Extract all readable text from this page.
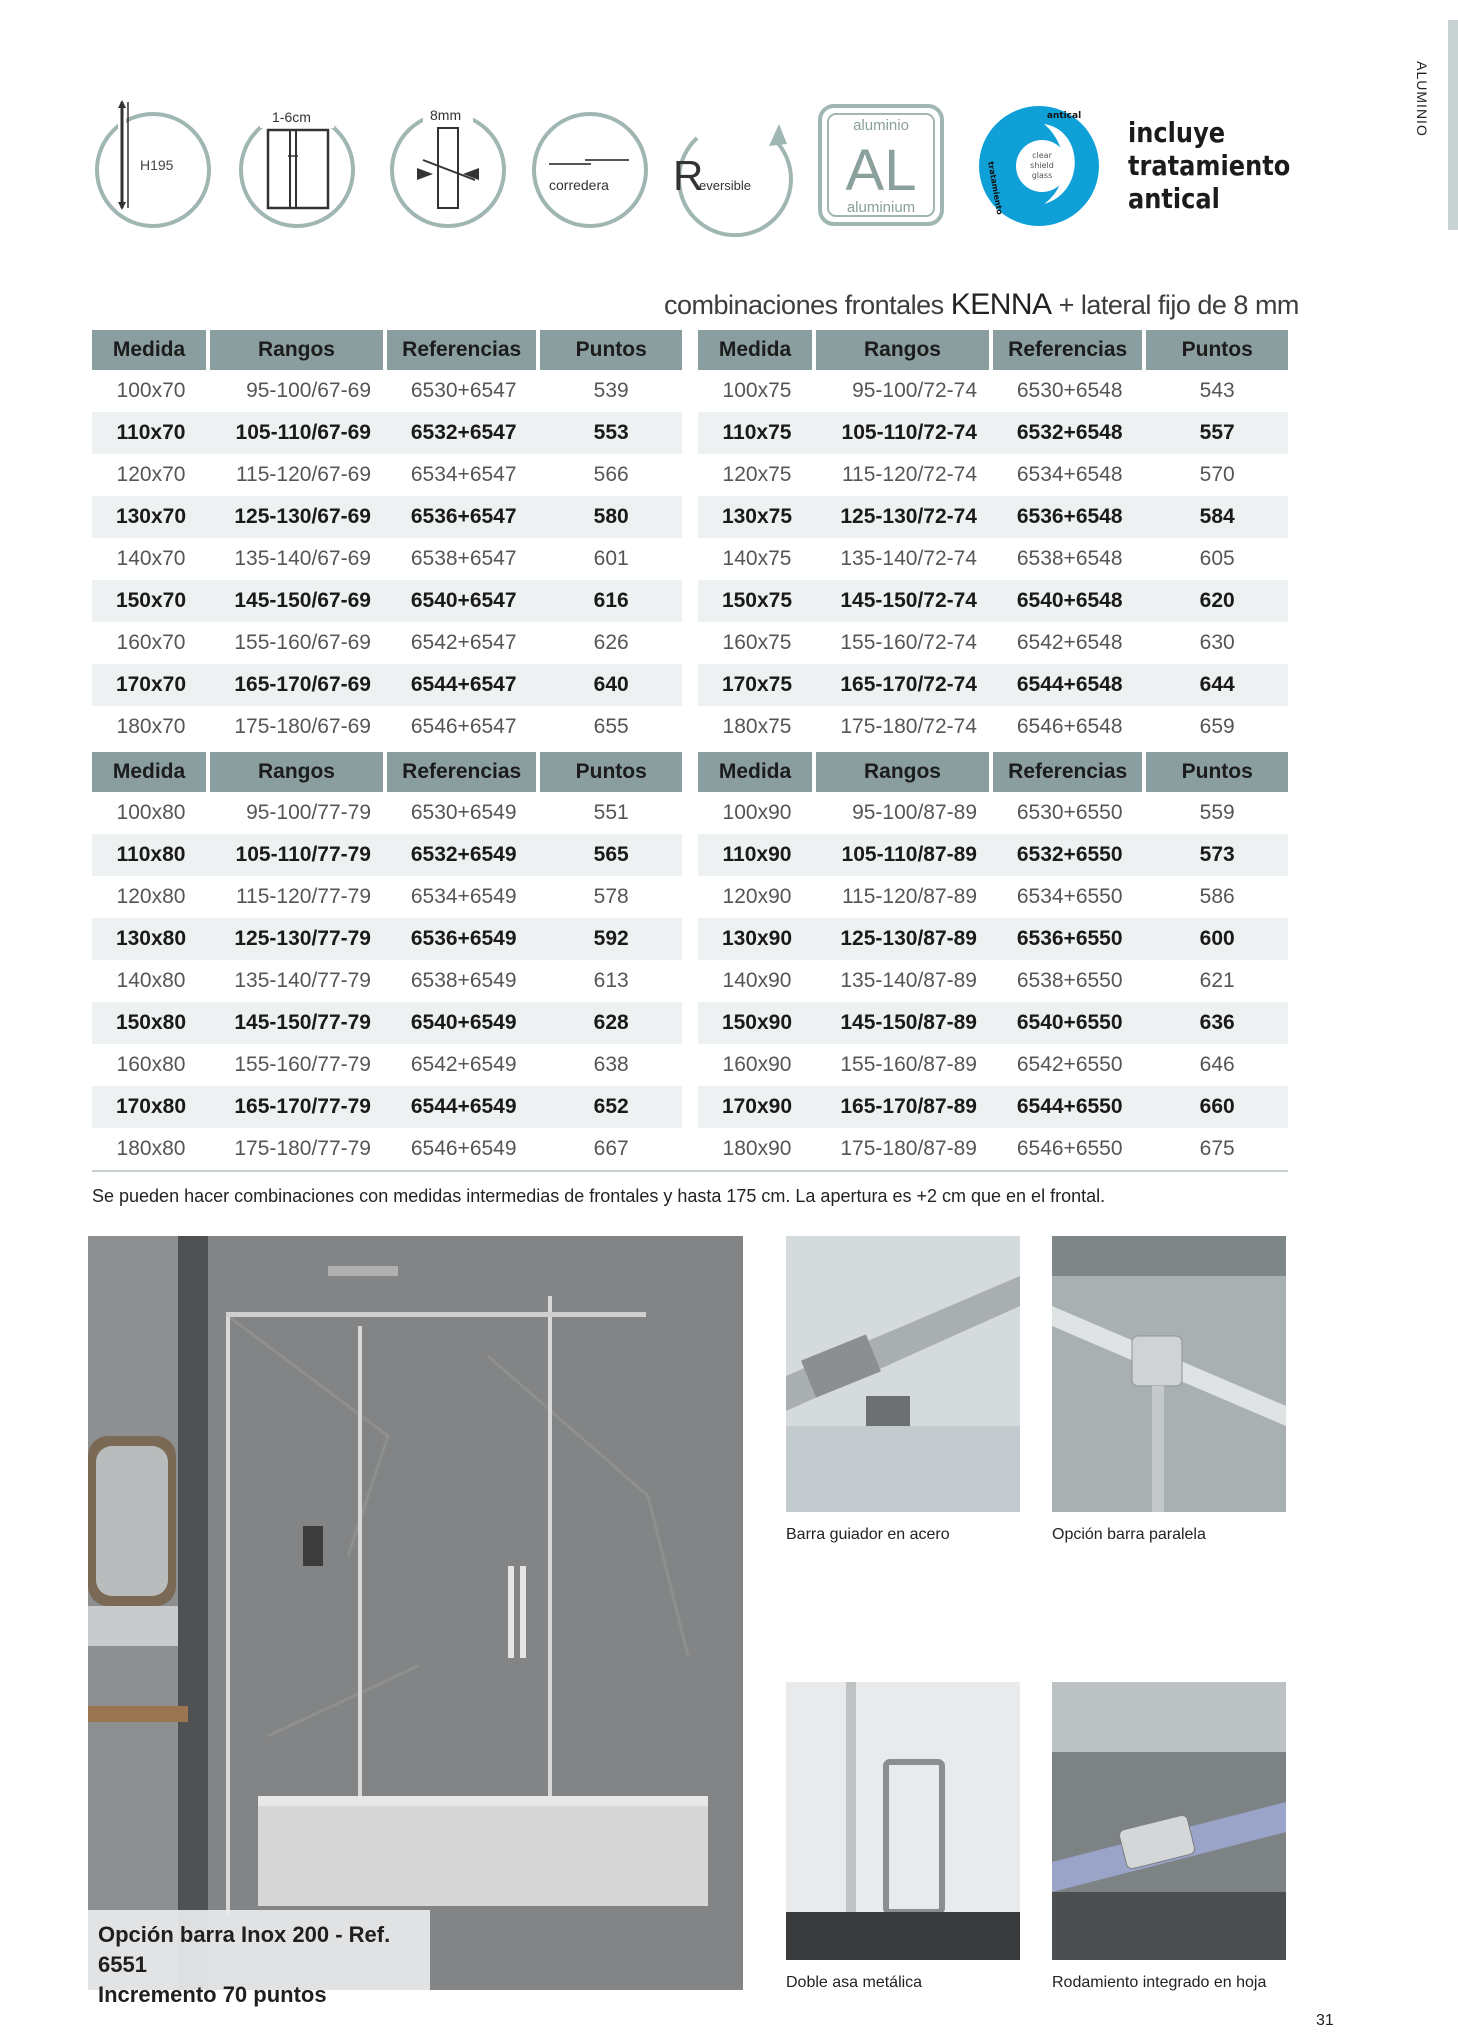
ALUMINIO
H195
1-6cm	8mm
corredera R
eversible
aluminio
AL
aluminium
antical
tratamiento
clear
shield
glass
incluye
tratamiento
antical
combinaciones frontales KENNA + lateral fijo de 8 mm
Medida	Rangos	Referencias	Puntos
100x70	95-100/67-69	6530+6547	539
110x70	105-110/67-69	6532+6547	553
120x70	115-120/67-69	6534+6547	566
130x70	125-130/67-69	6536+6547	580
140x70	135-140/67-69	6538+6547	601
150x70	145-150/67-69	6540+6547	616
160x70	155-160/67-69	6542+6547	626
170x70	165-170/67-69	6544+6547	640
180x70	175-180/67-69	6546+6547	655
Medida	Rangos	Referencias	Puntos
100x75	95-100/72-74	6530+6548	543
110x75	105-110/72-74	6532+6548	557
120x75	115-120/72-74	6534+6548	570
130x75	125-130/72-74	6536+6548	584
140x75	135-140/72-74	6538+6548	605
150x75	145-150/72-74	6540+6548	620
160x75	155-160/72-74	6542+6548	630
170x75	165-170/72-74	6544+6548	644
180x75	175-180/72-74	6546+6548	659
Medida	Rangos	Referencias	Puntos
100x80	95-100/77-79	6530+6549	551
110x80	105-110/77-79	6532+6549	565
120x80	115-120/77-79	6534+6549	578
130x80	125-130/77-79	6536+6549	592
140x80	135-140/77-79	6538+6549	613
150x80	145-150/77-79	6540+6549	628
160x80	155-160/77-79	6542+6549	638
170x80	165-170/77-79	6544+6549	652
180x80	175-180/77-79	6546+6549	667
Medida	Rangos	Referencias	Puntos
100x90	95-100/87-89	6530+6550	559
110x90	105-110/87-89	6532+6550	573
120x90	115-120/87-89	6534+6550	586
130x90	125-130/87-89	6536+6550	600
140x90	135-140/87-89	6538+6550	621
150x90	145-150/87-89	6540+6550	636
160x90	155-160/87-89	6542+6550	646
170x90	165-170/87-89	6544+6550	660
180x90	175-180/87-89	6546+6550	675
Se pueden hacer combinaciones con medidas intermedias de frontales y hasta 175 cm. La apertura es +2 cm que en el frontal.
Opción barra Inox 200 - Ref. 6551
Incremento 70 puntos
Barra guiador en acero	Opción barra paralela
Doble asa metálica	Rodamiento integrado en hoja
31
